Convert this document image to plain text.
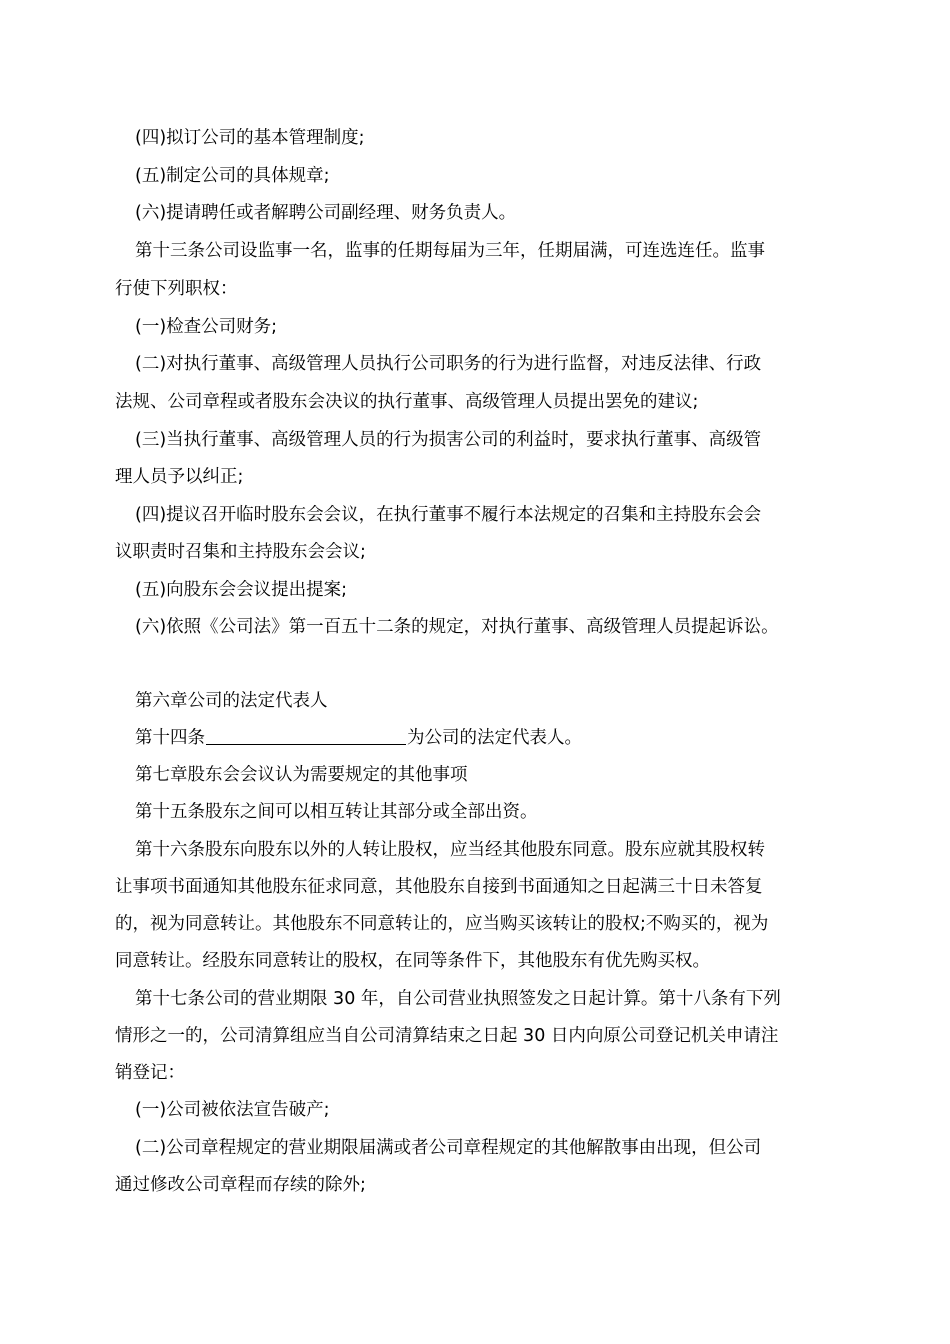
(四)拟订公司的基本管理制度;

(五)制定公司的具体规章;

(六)提请聘任或者解聘公司副经理、财务负责人。

第十三条公司设监事一名，监事的任期每届为三年，任期届满，可连选连任。监事

行使下列职权：

(一)检查公司财务;

(二)对执行董事、高级管理人员执行公司职务的行为进行监督，对违反法律、行政

法规、公司章程或者股东会决议的执行董事、高级管理人员提出罢免的建议;

(三)当执行董事、高级管理人员的行为损害公司的利益时，要求执行董事、高级管

理人员予以纠正;

(四)提议召开临时股东会会议，在执行董事不履行本法规定的召集和主持股东会会

议职责时召集和主持股东会会议;

(五)向股东会会议提出提案;

(六)依照《公司法》第一百五十二条的规定，对执行董事、高级管理人员提起诉讼。

第六章公司的法定代表人

第十四条	为公司的法定代表人。

第七章股东会会议认为需要规定的其他事项

第十五条股东之间可以相互转让其部分或全部出资。

第十六条股东向股东以外的人转让股权，应当经其他股东同意。股东应就其股权转

让事项书面通知其他股东征求同意，其他股东自接到书面通知之日起满三十日未答复

的，视为同意转让。其他股东不同意转让的，应当购买该转让的股权;不购买的，视为

同意转让。经股东同意转让的股权，在同等条件下，其他股东有优先购买权。

第十七条公司的营业期限 30 年，自公司营业执照签发之日起计算。第十八条有下列

情形之一的，公司清算组应当自公司清算结束之日起 30 日内向原公司登记机关申请注

销登记：

(一)公司被依法宣告破产;

(二)公司章程规定的营业期限届满或者公司章程规定的其他解散事由出现，但公司

通过修改公司章程而存续的除外;
